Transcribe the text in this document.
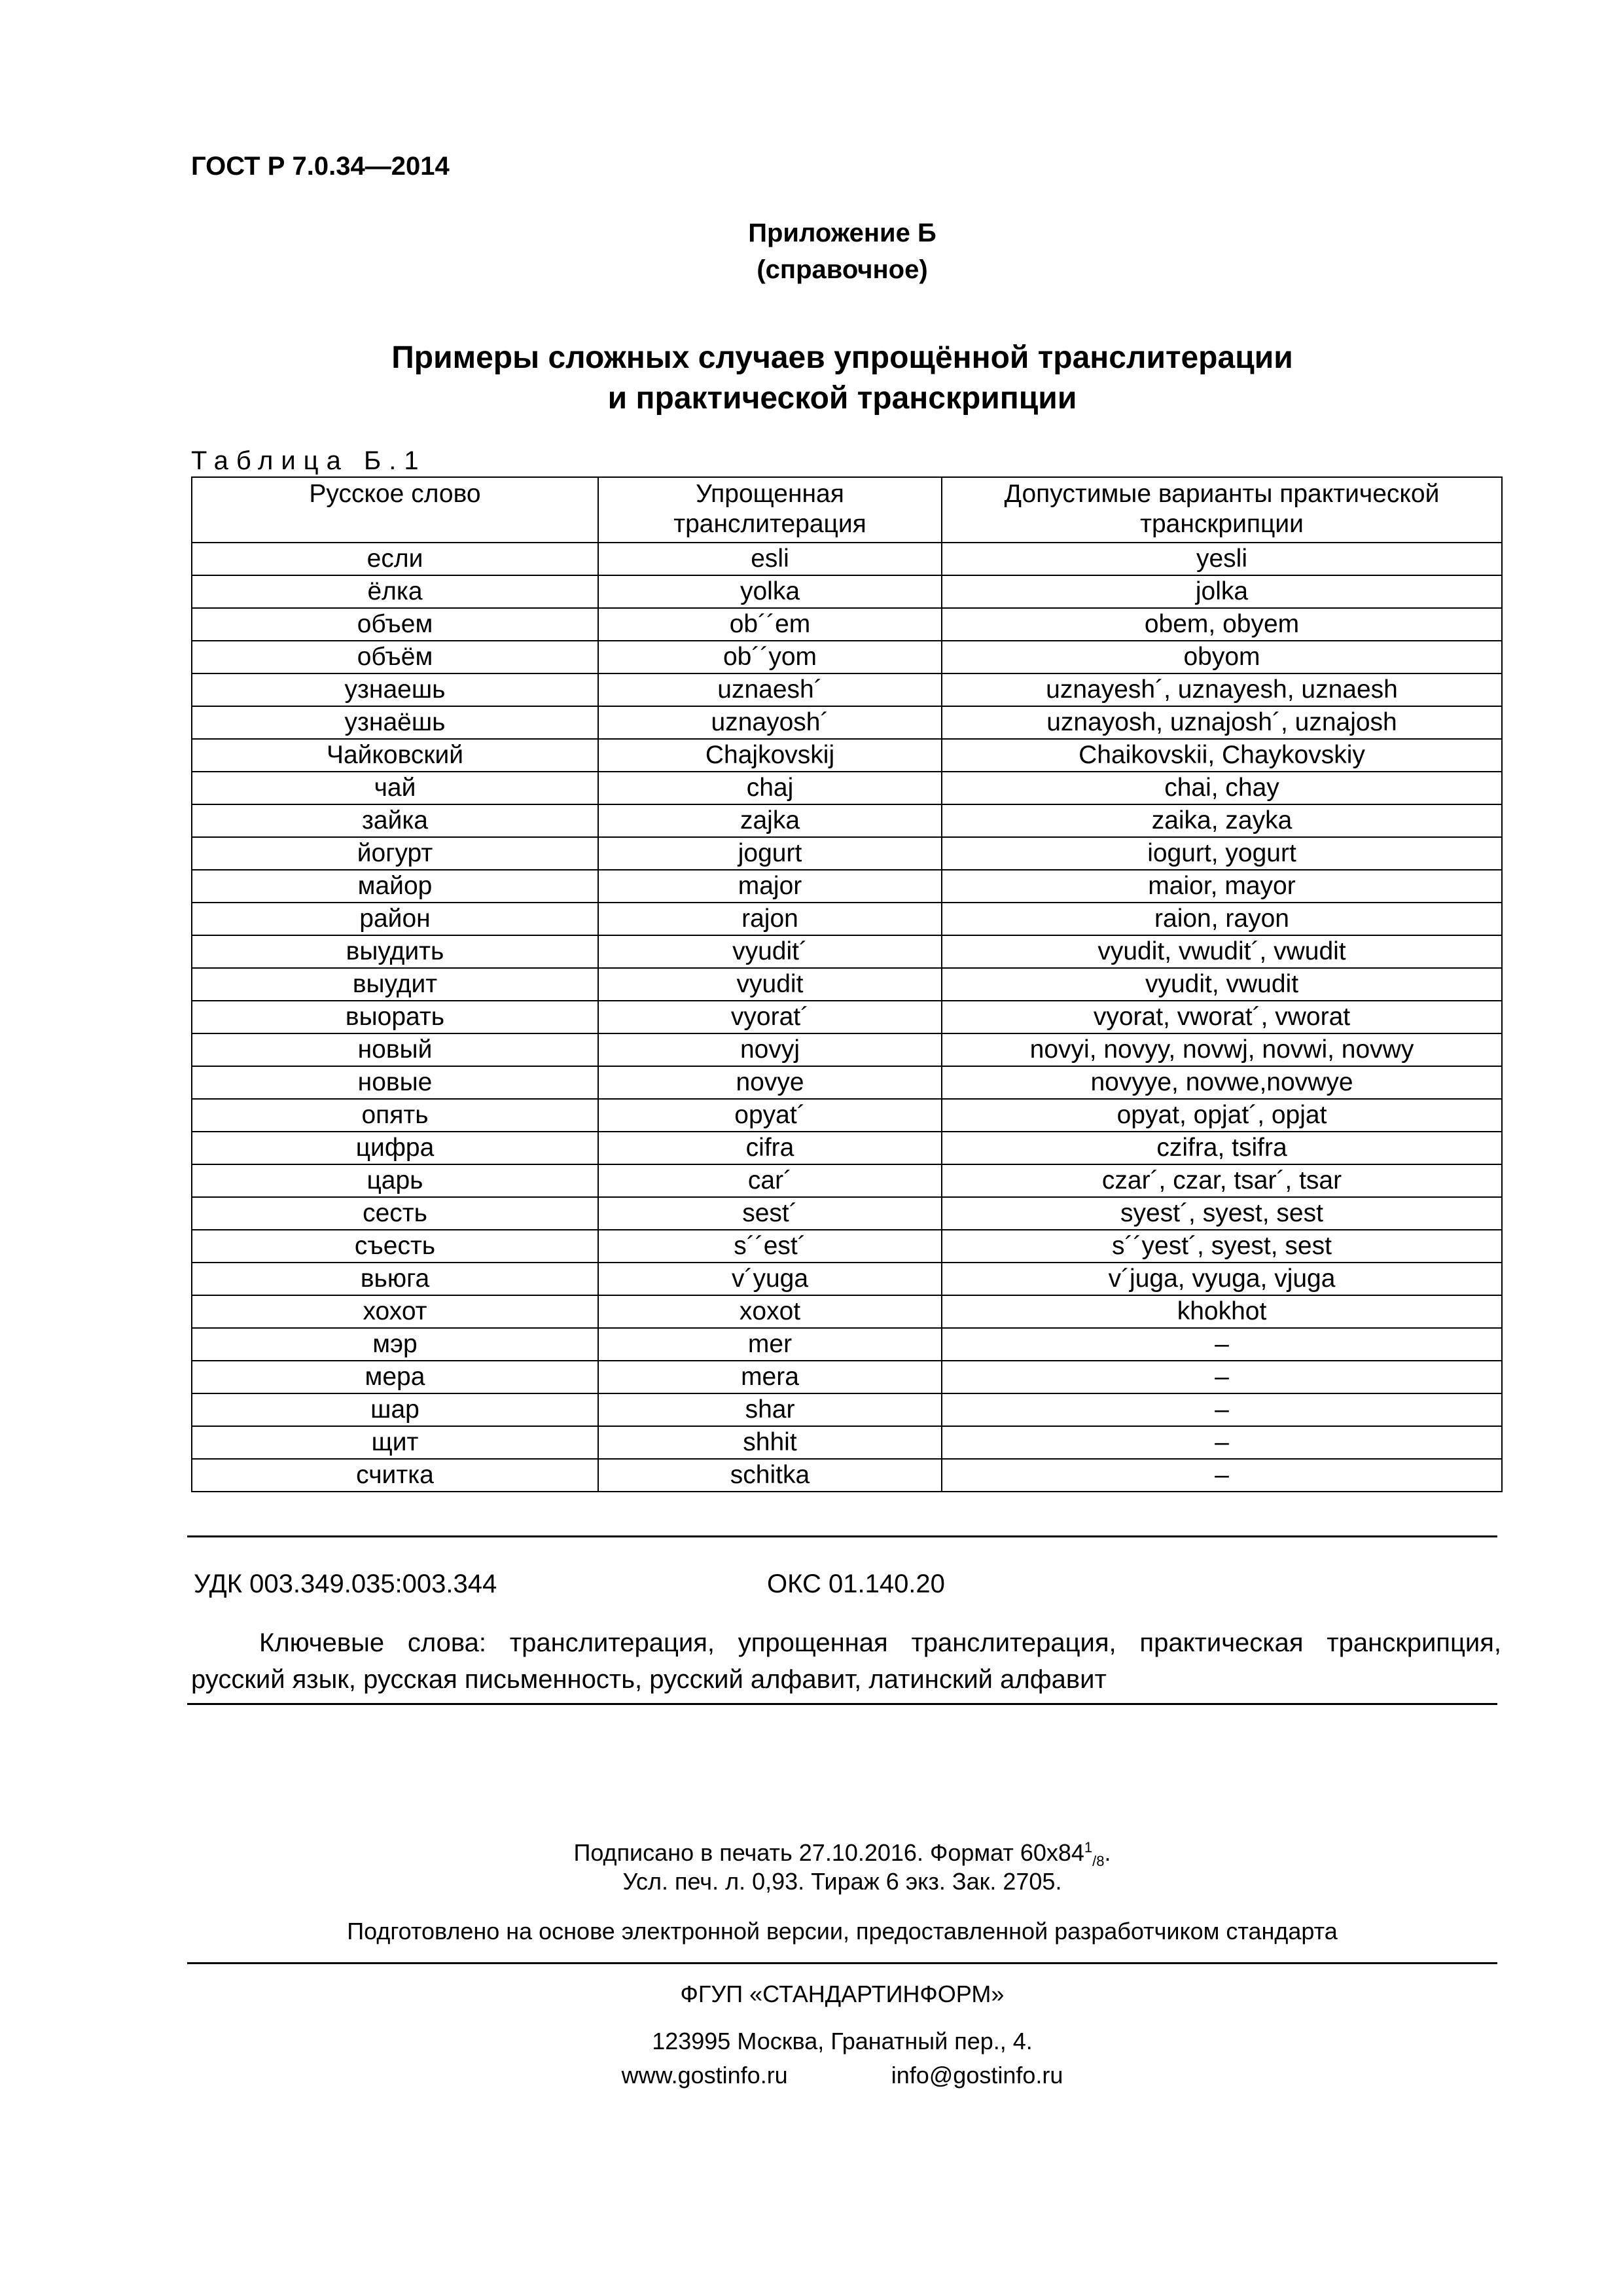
ГОСТ Р 7.0.34—2014
Приложение Б
(справочное)
Примеры сложных случаев упрощённой транслитерации
и практической транскрипции
Таблица Б.1
Русское слово	Упрощенная транслитерация	Допустимые варианты практической транскрипции
если	esli	yesli
ёлка	yolka	jolka
объем	ob´´em	obem, obyem
объём	ob´´yom	obyom
узнаешь	uznaesh´	uznayesh´, uznayesh, uznaesh
узнаёшь	uznayosh´	uznayosh, uznajosh´, uznajosh
Чайковский	Chajkovskij	Chaikovskii, Chaykovskiy
чай	chaj	chai, chay
зайка	zajka	zaika, zayka
йогурт	jogurt	iogurt, yogurt
майор	major	maior, mayor
район	rajon	raion, rayon
выудить	vyudit´	vyudit, vwudit´, vwudit
выудит	vyudit	vyudit, vwudit
выорать	vyorat´	vyorat, vworat´, vworat
новый	novyj	novyi, novyy, novwj, novwi, novwy
новые	novye	novyye, novwe,novwye
опять	opyat´	opyat, opjat´, opjat
цифра	cifra	czifra, tsifra
царь	car´	czar´, czar, tsar´, tsar
сесть	sest´	syest´, syest, sest
съесть	s´´est´	s´´yest´, syest, sest
вьюга	v´yuga	v´juga, vyuga, vjuga
хохот	xoxot	khokhot
мэр	mer	–
мера	mera	–
шар	shar	–
щит	shhit	–
считка	schitka	–
УДК 003.349.035:003.344	ОКС 01.140.20
Ключевые слова: транслитерация, упрощенная транслитерация, практическая транскрипция, русский язык, русская письменность, русский алфавит, латинский алфавит
Подписано в печать 27.10.2016. Формат $60x84^1_{/8}$.
Усл. печ. л. 0,93. Тираж 6 экз. Зак. 2705.
Подготовлено на основе электронной версии, предоставленной разработчиком стандарта
ФГУП «СТАНДАРТИНФОРМ»
123995 Москва, Гранатный пер., 4.
www.gostinfo.ru	info@gostinfo.ru
